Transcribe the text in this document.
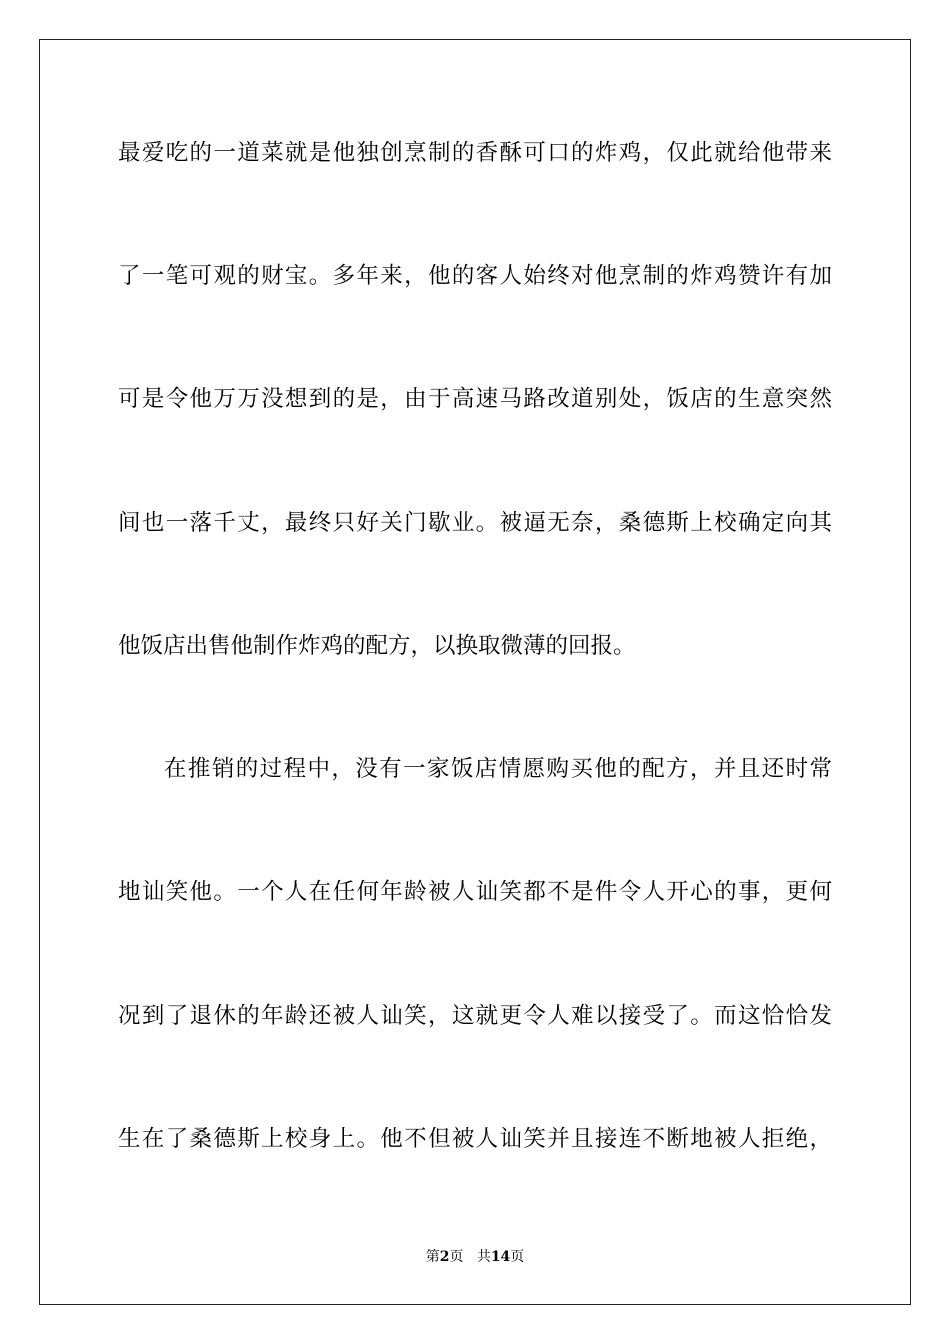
最爱吃的一道菜就是他独创烹制的香酥可口的炸鸡，仅此就给他带来
了一笔可观的财宝。多年来，他的客人始终对他烹制的炸鸡赞许有加
可是令他万万没想到的是，由于高速马路改道别处，饭店的生意突然
间也一落千丈，最终只好关门歇业。被逼无奈，桑德斯上校确定向其
他饭店出售他制作炸鸡的配方，以换取微薄的回报。
在推销的过程中，没有一家饭店情愿购买他的配方，并且还时常
地讪笑他。一个人在任何年龄被人讪笑都不是件令人开心的事，更何
况到了退休的年龄还被人讪笑，这就更令人难以接受了。而这恰恰发
生在了桑德斯上校身上。他不但被人讪笑并且接连不断地被人拒绝，
第2页 共14页
